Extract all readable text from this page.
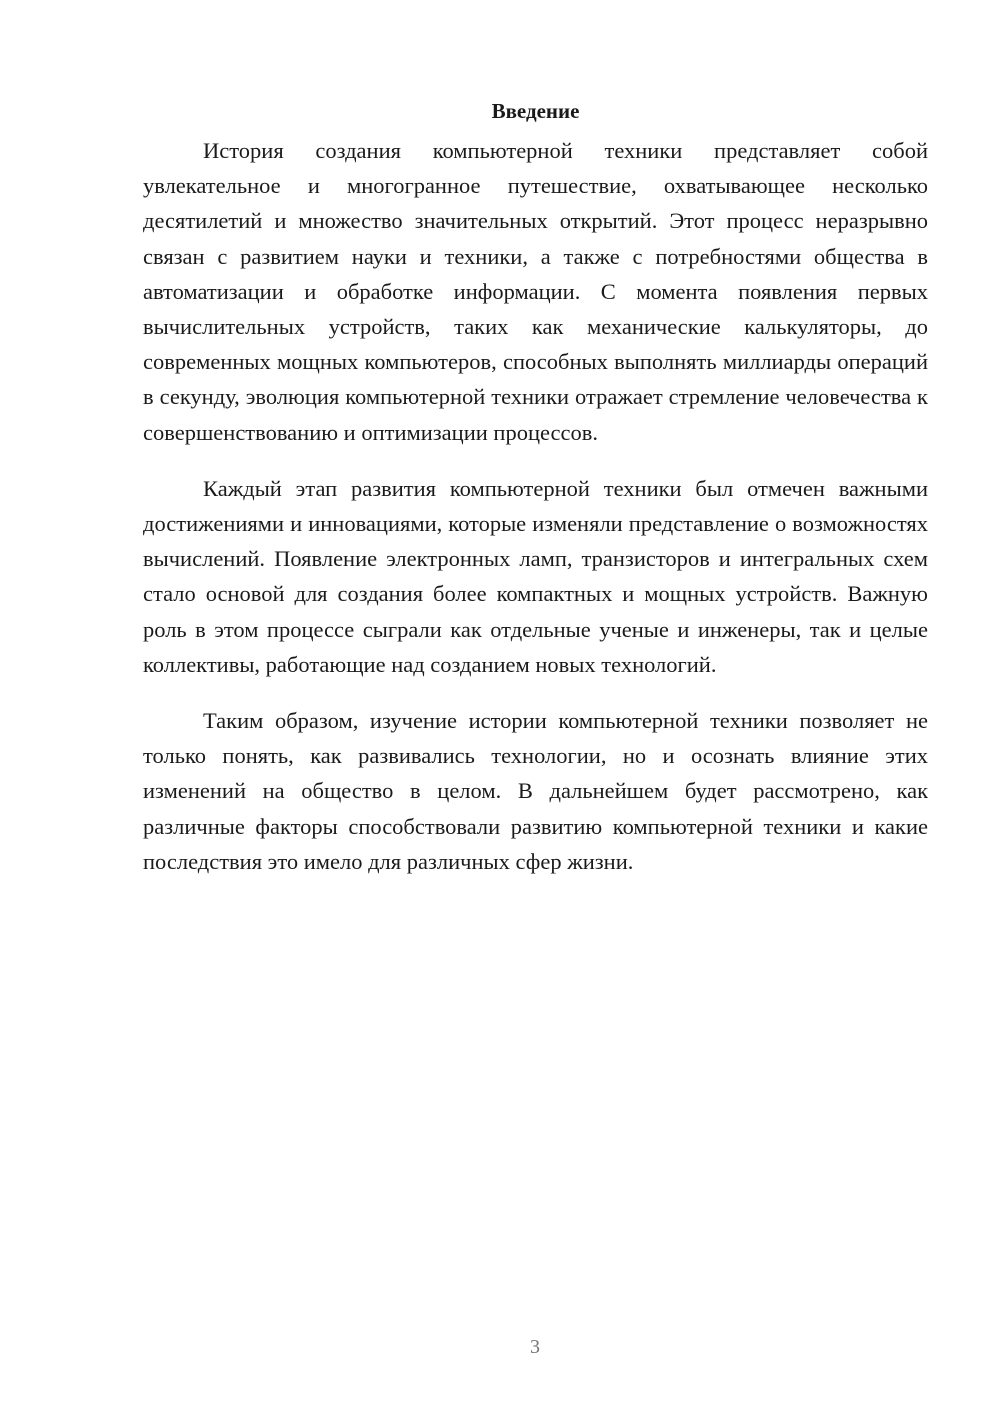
Введение

История создания компьютерной техники представляет собой увлекательное и многогранное путешествие, охватывающее несколько десятилетий и множество значительных открытий. Этот процесс неразрывно связан с развитием науки и техники, а также с потребностями общества в автоматизации и обработке информации. С момента появления первых вычислительных устройств, таких как механические калькуляторы, до современных мощных компьютеров, способных выполнять миллиарды операций в секунду, эволюция компьютерной техники отражает стремление человечества к совершенствованию и оптимизации процессов.

Каждый этап развития компьютерной техники был отмечен важными достижениями и инновациями, которые изменяли представление о возможностях вычислений. Появление электронных ламп, транзисторов и интегральных схем стало основой для создания более компактных и мощных устройств. Важную роль в этом процессе сыграли как отдельные ученые и инженеры, так и целые коллективы, работающие над созданием новых технологий.

Таким образом, изучение истории компьютерной техники позволяет не только понять, как развивались технологии, но и осознать влияние этих изменений на общество в целом. В дальнейшем будет рассмотрено, как различные факторы способствовали развитию компьютерной техники и какие последствия это имело для различных сфер жизни.

3
